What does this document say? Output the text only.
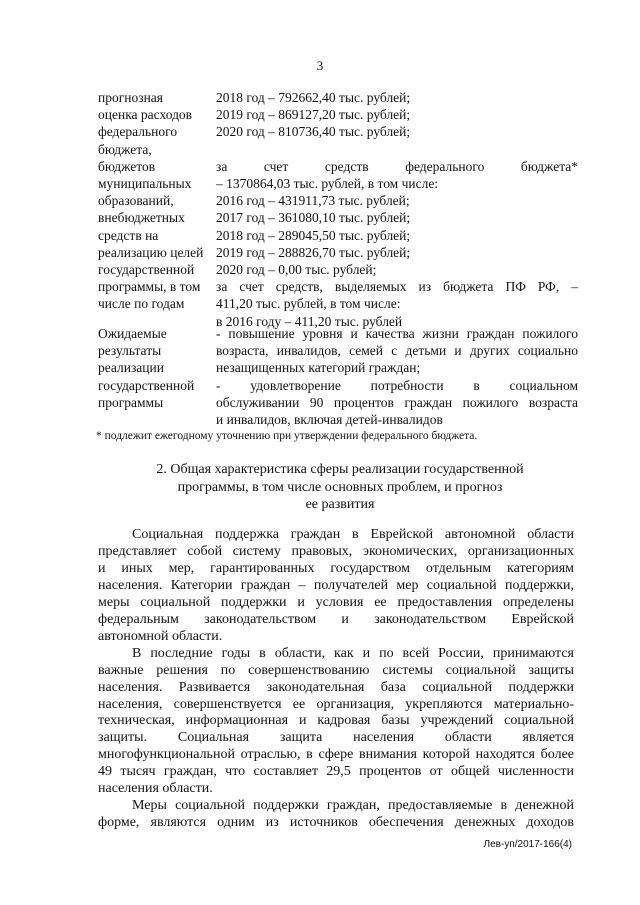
3
прогнозная
оценка расходов
федерального
бюджета,
бюджетов
муниципальных
образований,
внебюджетных
средств на
реализацию целей
государственной
программы, в том
числе по годам
2018 год – 792662,40 тыс. рублей;
2019 год – 869127,20 тыс. рублей;
2020 год – 810736,40 тыс. рублей;

за счет средств федерального бюджета*
– 1370864,03 тыс. рублей, в том числе:
2016 год – 431911,73 тыс. рублей;
2017 год – 361080,10 тыс. рублей;
2018 год – 289045,50 тыс. рублей;
2019 год – 288826,70 тыс. рублей;
2020 год – 0,00 тыс. рублей;
за счет средств, выделяемых из бюджета ПФ РФ, –
411,20 тыс. рублей, в том числе:
в 2016 году – 411,20 тыс. рублей
Ожидаемые
результаты
реализации
государственной
программы
- повышение уровня и качества жизни граждан пожилого
возраста, инвалидов, семей с детьми и других социально
незащищенных категорий граждан;
- удовлетворение потребности в социальном
обслуживании 90 процентов граждан пожилого возраста
и инвалидов, включая детей-инвалидов
* подлежит ежегодному уточнению при утверждении федерального бюджета.
2. Общая характеристика сферы реализации государственной
программы, в том числе основных проблем, и прогноз
ее развития
Социальная поддержка граждан в Еврейской автономной области
представляет собой систему правовых, экономических, организационных
и иных мер, гарантированных государством отдельным категориям
населения. Категории граждан – получателей мер социальной поддержки,
меры социальной поддержки и условия ее предоставления определены
федеральным законодательством и законодательством Еврейской
автономной области.
В последние годы в области, как и по всей России, принимаются
важные решения по совершенствованию системы социальной защиты
населения. Развивается законодательная база социальной поддержки
населения, совершенствуется ее организация, укрепляются материально-
техническая, информационная и кадровая базы учреждений социальной
защиты. Социальная защита населения области является
многофункциональной отраслью, в сфере внимания которой находятся более
49 тысяч граждан, что составляет 29,5 процентов от общей численности
населения области.
Меры социальной поддержки граждан, предоставляемые в денежной
форме, являются одним из источников обеспечения денежных доходов
Лев-уп/2017-166(4)
